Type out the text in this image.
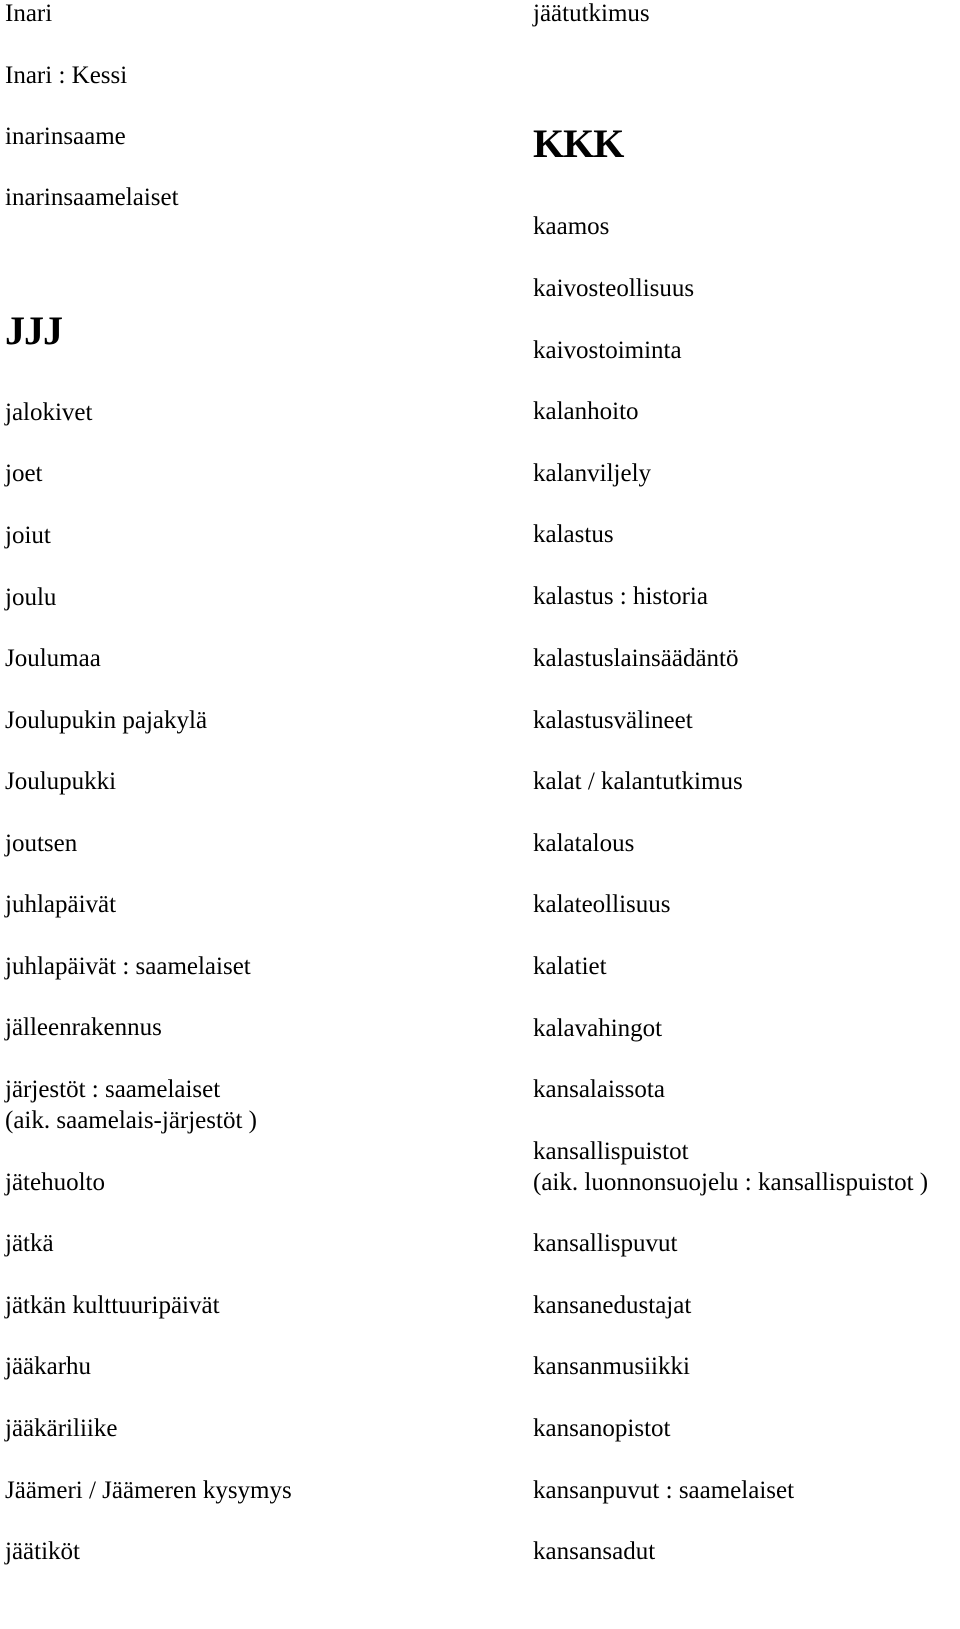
Inari

Inari : Kessi

inarinsaame

inarinsaamelaiset

JJJ

jalokivet

joet

joiut

joulu

Joulumaa

Joulupukin pajakylä

Joulupukki

joutsen

juhlapäivät

juhlapäivät : saamelaiset

jälleenrakennus

järjestöt : saamelaiset

(aik. saamelais-järjestöt )

jätehuolto

jätkä

jätkän kulttuuripäivät

jääkarhu

jääkäriliike

Jäämeri / Jäämeren kysymys

jäätiköt

jäätutkimus

KKK

kaamos

kaivosteollisuus

kaivostoiminta

kalanhoito

kalanviljely

kalastus

kalastus : historia

kalastuslainsäädäntö

kalastusvälineet

kalat / kalantutkimus

kalatalous

kalateollisuus

kalatiet

kalavahingot

kansalaissota

kansallispuistot

(aik. luonnonsuojelu : kansallispuistot )

kansallispuvut

kansanedustajat

kansanmusiikki

kansanopistot

kansanpuvut : saamelaiset

kansansadut
